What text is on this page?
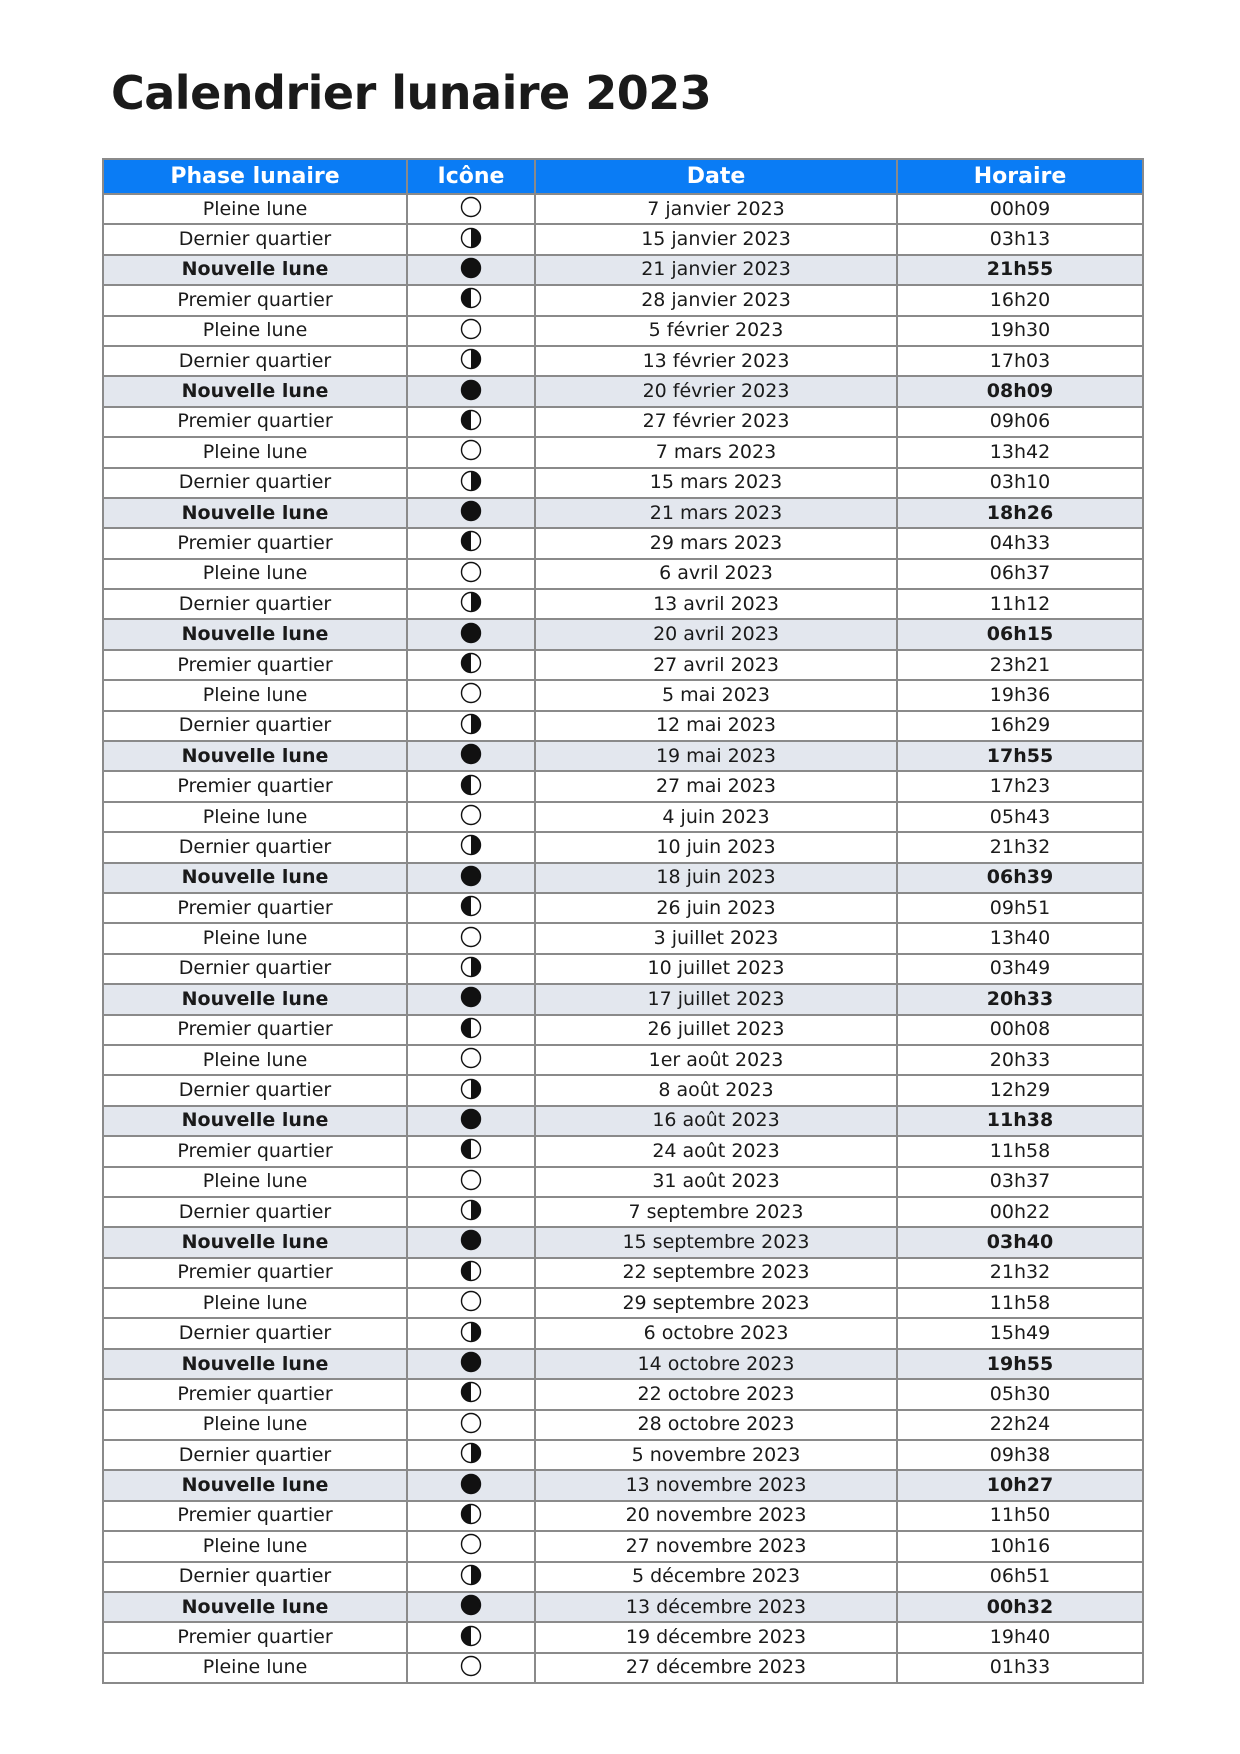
Calendrier lunaire 2023
Phase lunaire	Icône	Date	Horaire
Pleine lune		7 janvier 2023	00h09
Dernier quartier		15 janvier 2023	03h13
Nouvelle lune		21 janvier 2023	21h55
Premier quartier		28 janvier 2023	16h20
Pleine lune		5 février 2023	19h30
Dernier quartier		13 février 2023	17h03
Nouvelle lune		20 février 2023	08h09
Premier quartier		27 février 2023	09h06
Pleine lune		7 mars 2023	13h42
Dernier quartier		15 mars 2023	03h10
Nouvelle lune		21 mars 2023	18h26
Premier quartier		29 mars 2023	04h33
Pleine lune		6 avril 2023	06h37
Dernier quartier		13 avril 2023	11h12
Nouvelle lune		20 avril 2023	06h15
Premier quartier		27 avril 2023	23h21
Pleine lune		5 mai 2023	19h36
Dernier quartier		12 mai 2023	16h29
Nouvelle lune		19 mai 2023	17h55
Premier quartier		27 mai 2023	17h23
Pleine lune		4 juin 2023	05h43
Dernier quartier		10 juin 2023	21h32
Nouvelle lune		18 juin 2023	06h39
Premier quartier		26 juin 2023	09h51
Pleine lune		3 juillet 2023	13h40
Dernier quartier		10 juillet 2023	03h49
Nouvelle lune		17 juillet 2023	20h33
Premier quartier		26 juillet 2023	00h08
Pleine lune		1er août 2023	20h33
Dernier quartier		8 août 2023	12h29
Nouvelle lune		16 août 2023	11h38
Premier quartier		24 août 2023	11h58
Pleine lune		31 août 2023	03h37
Dernier quartier		7 septembre 2023	00h22
Nouvelle lune		15 septembre 2023	03h40
Premier quartier		22 septembre 2023	21h32
Pleine lune		29 septembre 2023	11h58
Dernier quartier		6 octobre 2023	15h49
Nouvelle lune		14 octobre 2023	19h55
Premier quartier		22 octobre 2023	05h30
Pleine lune		28 octobre 2023	22h24
Dernier quartier		5 novembre 2023	09h38
Nouvelle lune		13 novembre 2023	10h27
Premier quartier		20 novembre 2023	11h50
Pleine lune		27 novembre 2023	10h16
Dernier quartier		5 décembre 2023	06h51
Nouvelle lune		13 décembre 2023	00h32
Premier quartier		19 décembre 2023	19h40
Pleine lune		27 décembre 2023	01h33
